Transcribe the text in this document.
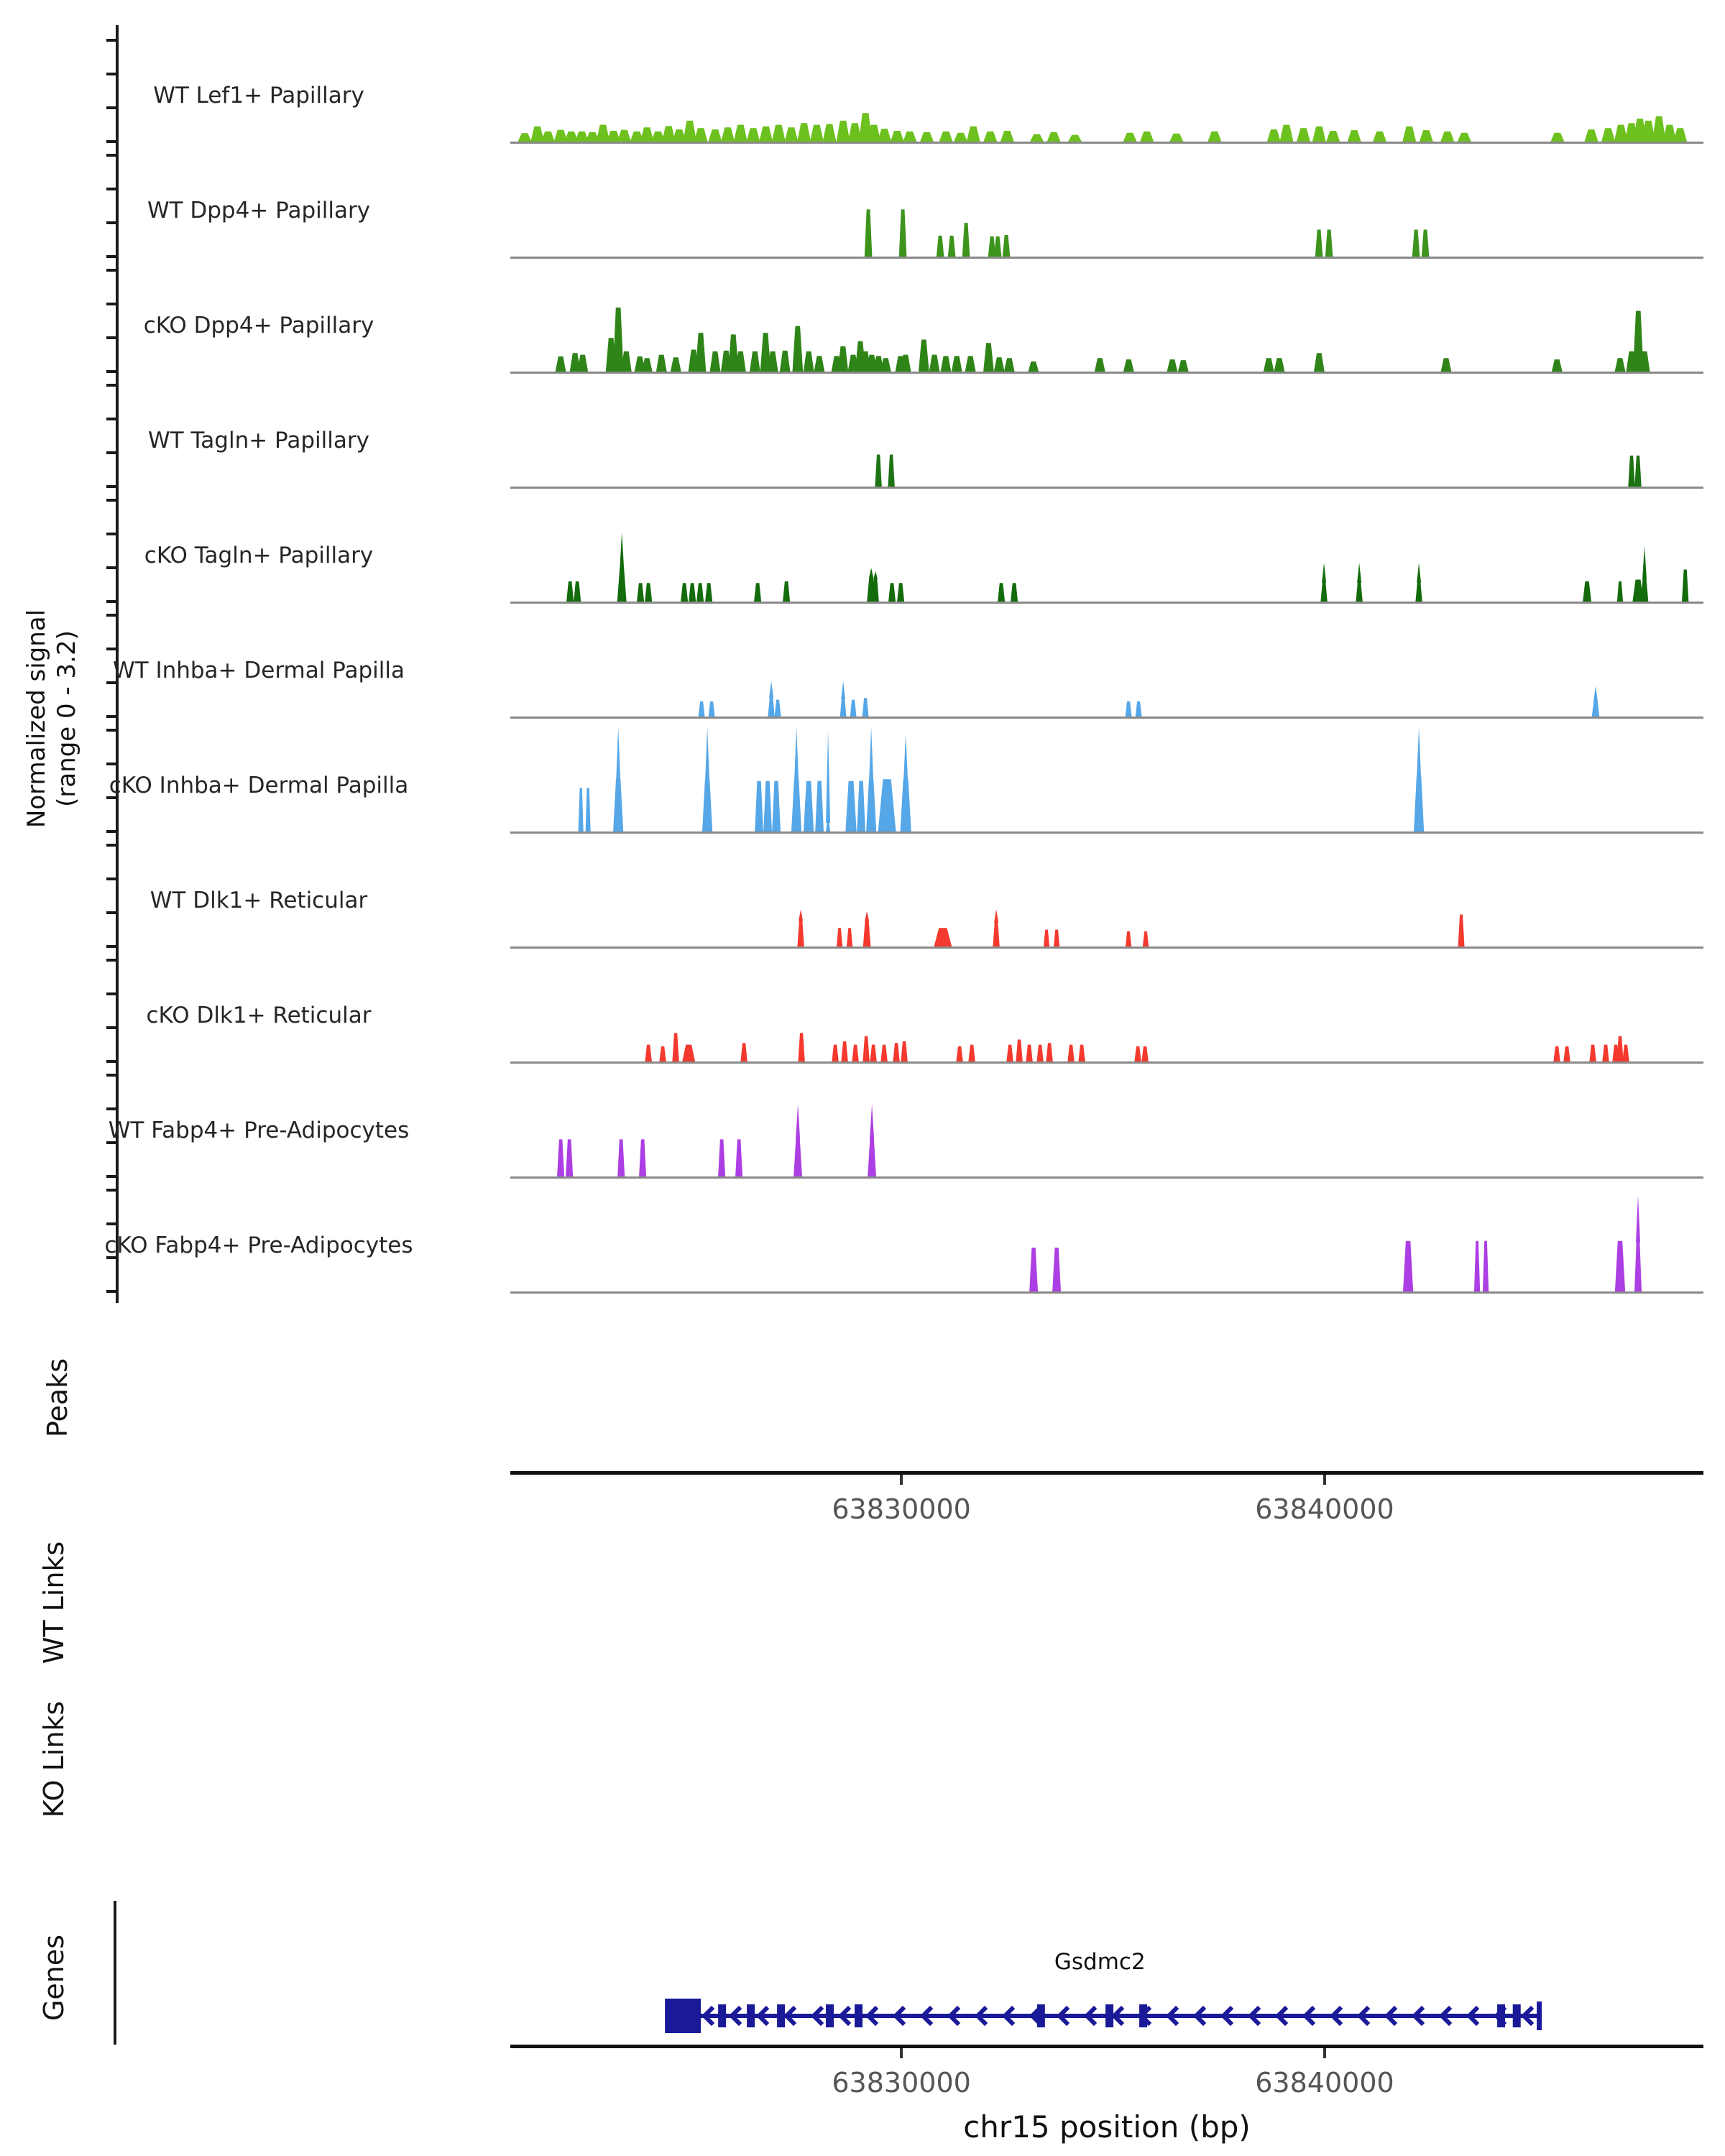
Normalized signal (range 0 - 3.2)
Peaks
WT Links
KO Links
Genes
WT Lef1+ Papillary
WT Dpp4+ Papillary
cKO Dpp4+ Papillary
WT Tagln+ Papillary
cKO Tagln+ Papillary
WT Inhba+ Dermal Papilla
cKO Inhba+ Dermal Papilla
WT Dlk1+ Reticular
cKO Dlk1+ Reticular
WT Fabp4+ Pre-Adipocytes
cKO Fabp4+ Pre-Adipocytes
63830000	63840000
63830000	63840000
Gsdmc2
chr15 position (bp)
